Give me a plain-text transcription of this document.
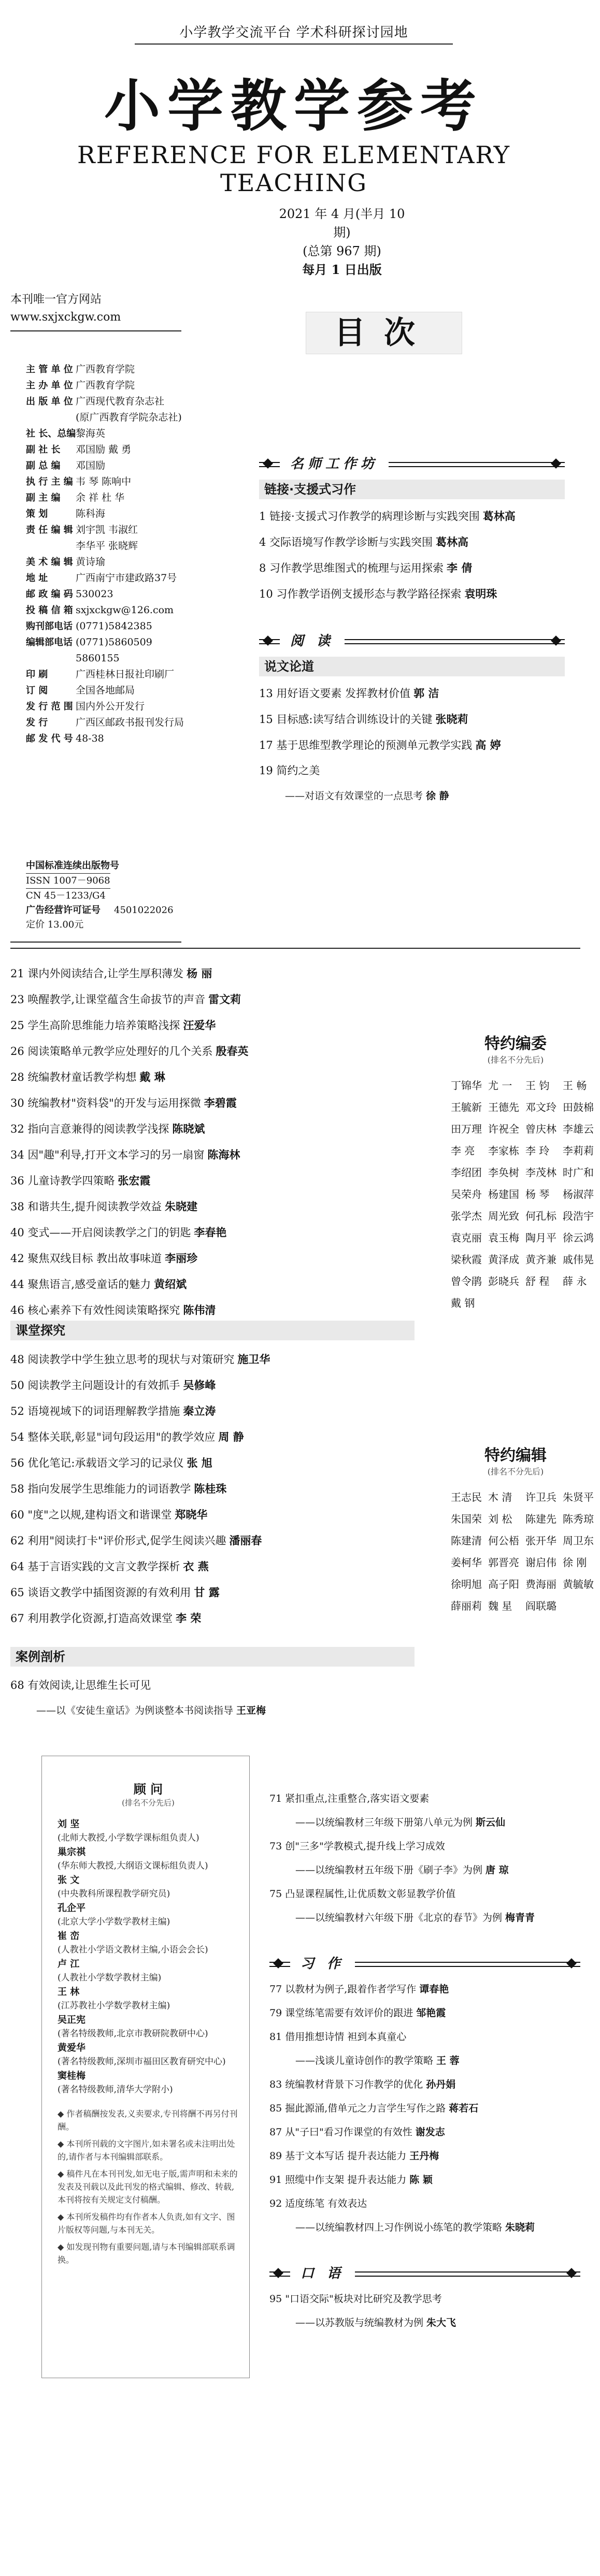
小学教学交流平台 学术科研探讨园地
小学教学参考
REFERENCE FOR ELEMENTARY TEACHING
2021 年 4 月(半月 10 期)
(总第 967 期)
每月 1 日出版
本刊唯一官方网站
www.sxjxckgw.com
主 管 单 位 广西教育学院
主 办 单 位 广西教育学院
出 版 单 位 广西现代教育杂志社
(原广西教育学院杂志社)
社 长、总编 黎海英
副 社 长	邓国励 戴 勇
副 总 编	邓国励
执 行 主 编 韦 琴 陈响中
副 主 编	余 祥 杜 华
策 划	陈科海
责 任 编 辑 刘宇凯 韦淑红
李华平 张晓辉
美 术 编 辑 黄诗瑜
地 址	广西南宁市建政路37号
邮 政 编 码 530023
投 稿 信 箱 sxjxckgw@126.com
购刊部电话 (0771)5842385
编辑部电话 (0771)5860509 5860155
印 刷	广西桂林日报社印刷厂
订 阅	全国各地邮局
发 行 范 围 国内外公开发行
发 行	广西区邮政书报刊发行局
邮 发 代 号 48-38
中国标准连续出版物号
ISSN 1007－9068
CN 45－1233/G4
广告经营许可证号	4501022026
定价 13.00元
目次
名师工作坊
链接·支援式习作
1 链接·支援式习作教学的病理诊断与实践突围 葛林高
4 交际语境写作教学诊断与实践突围 葛林高
8 习作教学思维图式的梳理与运用探索 李 倩
10 习作教学语例支援形态与教学路径探索 袁明珠
阅 读
说文论道
13 用好语文要素 发挥教材价值 郭 洁
15 目标感:读写结合训练设计的关键 张晓莉
17 基于思维型教学理论的预测单元教学实践 高 婷
19 简约之美
——对语文有效课堂的一点思考 徐 静
21 课内外阅读结合,让学生厚积薄发 杨 丽
23 唤醒教学,让课堂蕴含生命拔节的声音 雷文莉
25 学生高阶思维能力培养策略浅探 汪爱华
26 阅读策略单元教学应处理好的几个关系 殷春英
28 统编教材童话教学构想 戴 琳
30 统编教材"资料袋"的开发与运用探微 李碧霞
32 指向言意兼得的阅读教学浅探 陈晓斌
34 因"趣"利导,打开文本学习的另一扇窗 陈海林
36 儿童诗教学四策略 张宏霞
38 和谐共生,提升阅读教学效益 朱晓建
40 变式——开启阅读教学之门的钥匙 李春艳
42 聚焦双线目标 教出故事味道 李丽珍
44 聚焦语言,感受童话的魅力 黄绍斌
46 核心素养下有效性阅读策略探究 陈伟清
课堂探究
48 阅读教学中学生独立思考的现状与对策研究 施卫华
50 阅读教学主问题设计的有效抓手 吴修峰
52 语境视域下的词语理解教学措施 秦立涛
54 整体关联,彰显"词句段运用"的教学效应 周 静
56 优化笔记:承载语文学习的记录仪 张 旭
58 指向发展学生思维能力的词语教学 陈桂珠
60 "度"之以规,建构语文和谐课堂 郑晓华
62 利用"阅读打卡"评价形式,促学生阅读兴趣 潘丽春
64 基于言语实践的文言文教学探析 衣 燕
65 谈语文教学中插图资源的有效利用 甘 露
67 利用教学化资源,打造高效课堂 李 荣
案例剖析
68 有效阅读,让思维生长可见
——以《安徒生童话》为例谈整本书阅读指导 王亚梅
特约编委
(排名不分先后)
丁锦华 尤 一	王 钧	王 畅
王毓新 王德先 邓文玲 田鼓棉
田万理 许祝全 曾庆林 李雄云
李 亮	李家栋 李 玲	李莉莉
李绍团 李奂树 李茂林 时广和
吴荣舟 杨建国 杨 琴	杨淑萍
张学杰 周光致 何孔标 段浩宇
袁克丽 袁玉梅 陶月平 徐云鸿
梁秋霞 黄泽成 黄齐兼 戚伟晃
曾令鹃 彭晓兵 舒 程	薛 永
戴 钢
特约编辑
(排名不分先后)
王志民 木 清	许卫兵 朱贤平
朱国荣 刘 松	陈建先 陈秀琼
陈建清 何公梧 张开华 周卫东
姜柯华 郭晋亮 谢启伟 徐 刚
徐明旭 高子阳 费海丽 黄毓敏
薛丽莉 魏 星	阎联璐
顾 问
(排名不分先后)
刘 坚
(北师大教授,小学数学课标组负责人)
巢宗祺
(华东师大教授,大纲语文课标组负责人)
张 文
(中央教科所课程教学研究员)
孔企平
(北京大学小学数学教材主编)
崔 峦
(人教社小学语文教材主编,小语会会长)
卢 江
(人教社小学数学教材主编)
王 林
(江苏教社小学数学教材主编)
吴正宪
(著名特级教师,北京市教研院教研中心)
黄爱华
(著名特级教师,深圳市福田区教育研究中心)
窦桂梅
(著名特级教师,清华大学附小)
◆ 作者稿酬按发表,义卖要求,专刊将酬不再另付刊酬。
◆ 本刊所刊载的文字图片,如未署名或未注明出处的,请作者与本刊编辑部联系。
◆ 稿件凡在本刊刊发,如无电子版,需声明和未来的发表及刊载以及此刊发的格式编辑、修改、转载,本刊将按有关规定支付稿酬。
◆ 本刊所发稿件均有作者本人负责,如有文字、图片版权等问题,与本刊无关。
◆ 如发现刊物有重要问题,请与本刊编辑部联系调换。
71 紧扣重点,注重整合,落实语文要素
——以统编教材三年级下册第八单元为例 斯云仙
73 创"三多"学教模式,提升线上学习成效
——以统编教材五年级下册《刷子李》为例 唐 琼
75 凸显课程属性,让优质数文彰显教学价值
——以统编教材六年级下册《北京的春节》为例 梅青青
习 作
77 以教材为例子,跟着作者学写作 谭春艳
79 课堂练笔需要有效评价的跟进 邹艳霞
81 借用推想诗情 袒到本真童心
——浅谈儿童诗创作的教学策略 王 蓉
83 统编教材背景下习作教学的优化 孙丹娟
85 掘此源涌,借单元之力言学生写作之路 蒋若石
87 从"子曰"看习作课堂的有效性 谢发志
89 基于文本写话 提升表达能力 王丹梅
91 照缆中作支架 提升表达能力 陈 颖
92 适度练笔 有效表达
——以统编教材四上习作例说小练笔的教学策略 朱晓莉
口 语
95 "口语交际"板块对比研究及教学思考
——以苏教版与统编教材为例 朱大飞
